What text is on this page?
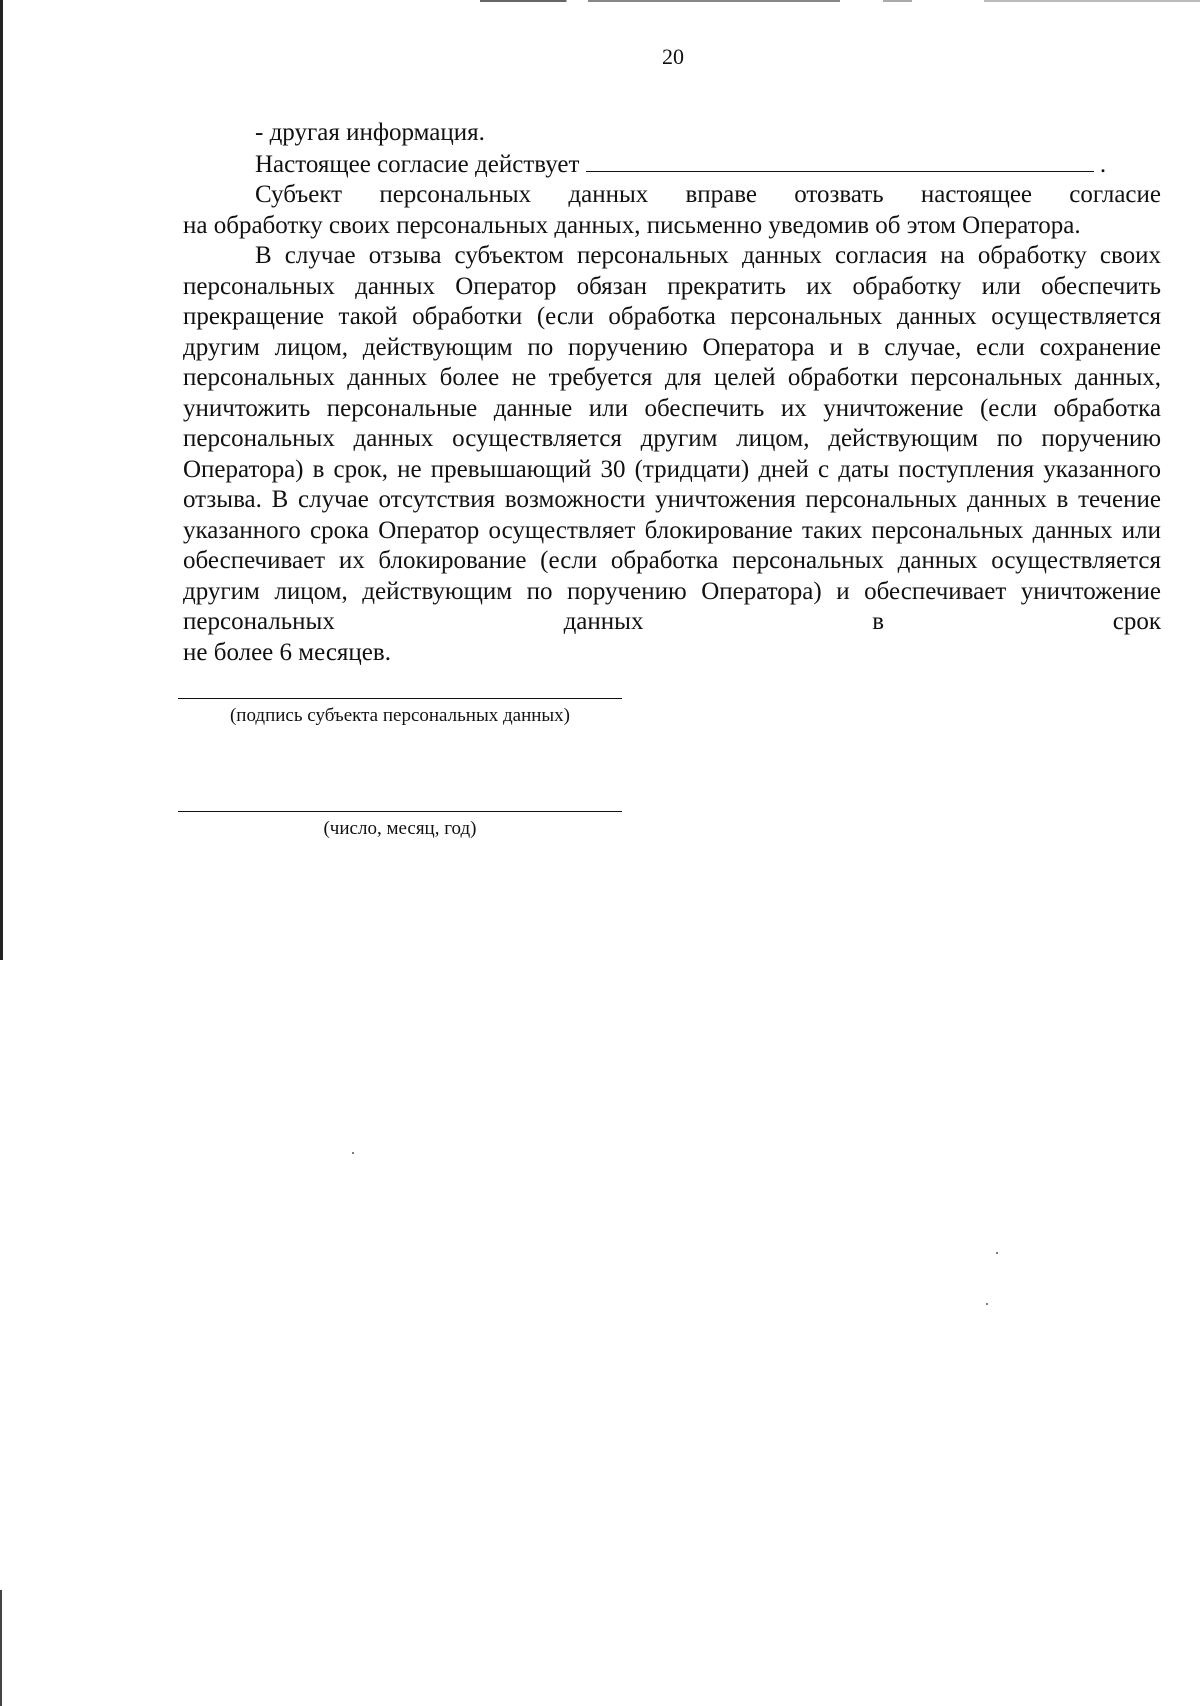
20

- другая информация.

Настоящее согласие действует	.

Субъект персональных данных вправе отозвать настоящее согласие

на обработку своих персональных данных, письменно уведомив об этом Оператора.

В случае отзыва субъектом персональных данных согласия на обработку своих персональных данных Оператор обязан прекратить их обработку или обеспечить прекращение такой обработки (если обработка персональных данных осуществляется другим лицом, действующим по поручению Оператора и в случае, если сохранение персональных данных более не требуется для целей обработки персональных данных, уничтожить персональные данные или обеспечить их уничтожение (если обработка персональных данных осуществляется другим лицом, действующим по поручению Оператора) в срок, не превышающий 30 (тридцати) дней с даты поступления указанного отзыва. В случае отсутствия возможности уничтожения персональных данных в течение указанного срока Оператор осуществляет блокирование таких персональных данных или обеспечивает их блокирование (если обработка персональных данных осуществляется другим лицом, действующим по поручению Оператора) и обеспечивает уничтожение персональных данных в срок

не более 6 месяцев.

(подпись субъекта персональных данных)
(число, месяц, год)
